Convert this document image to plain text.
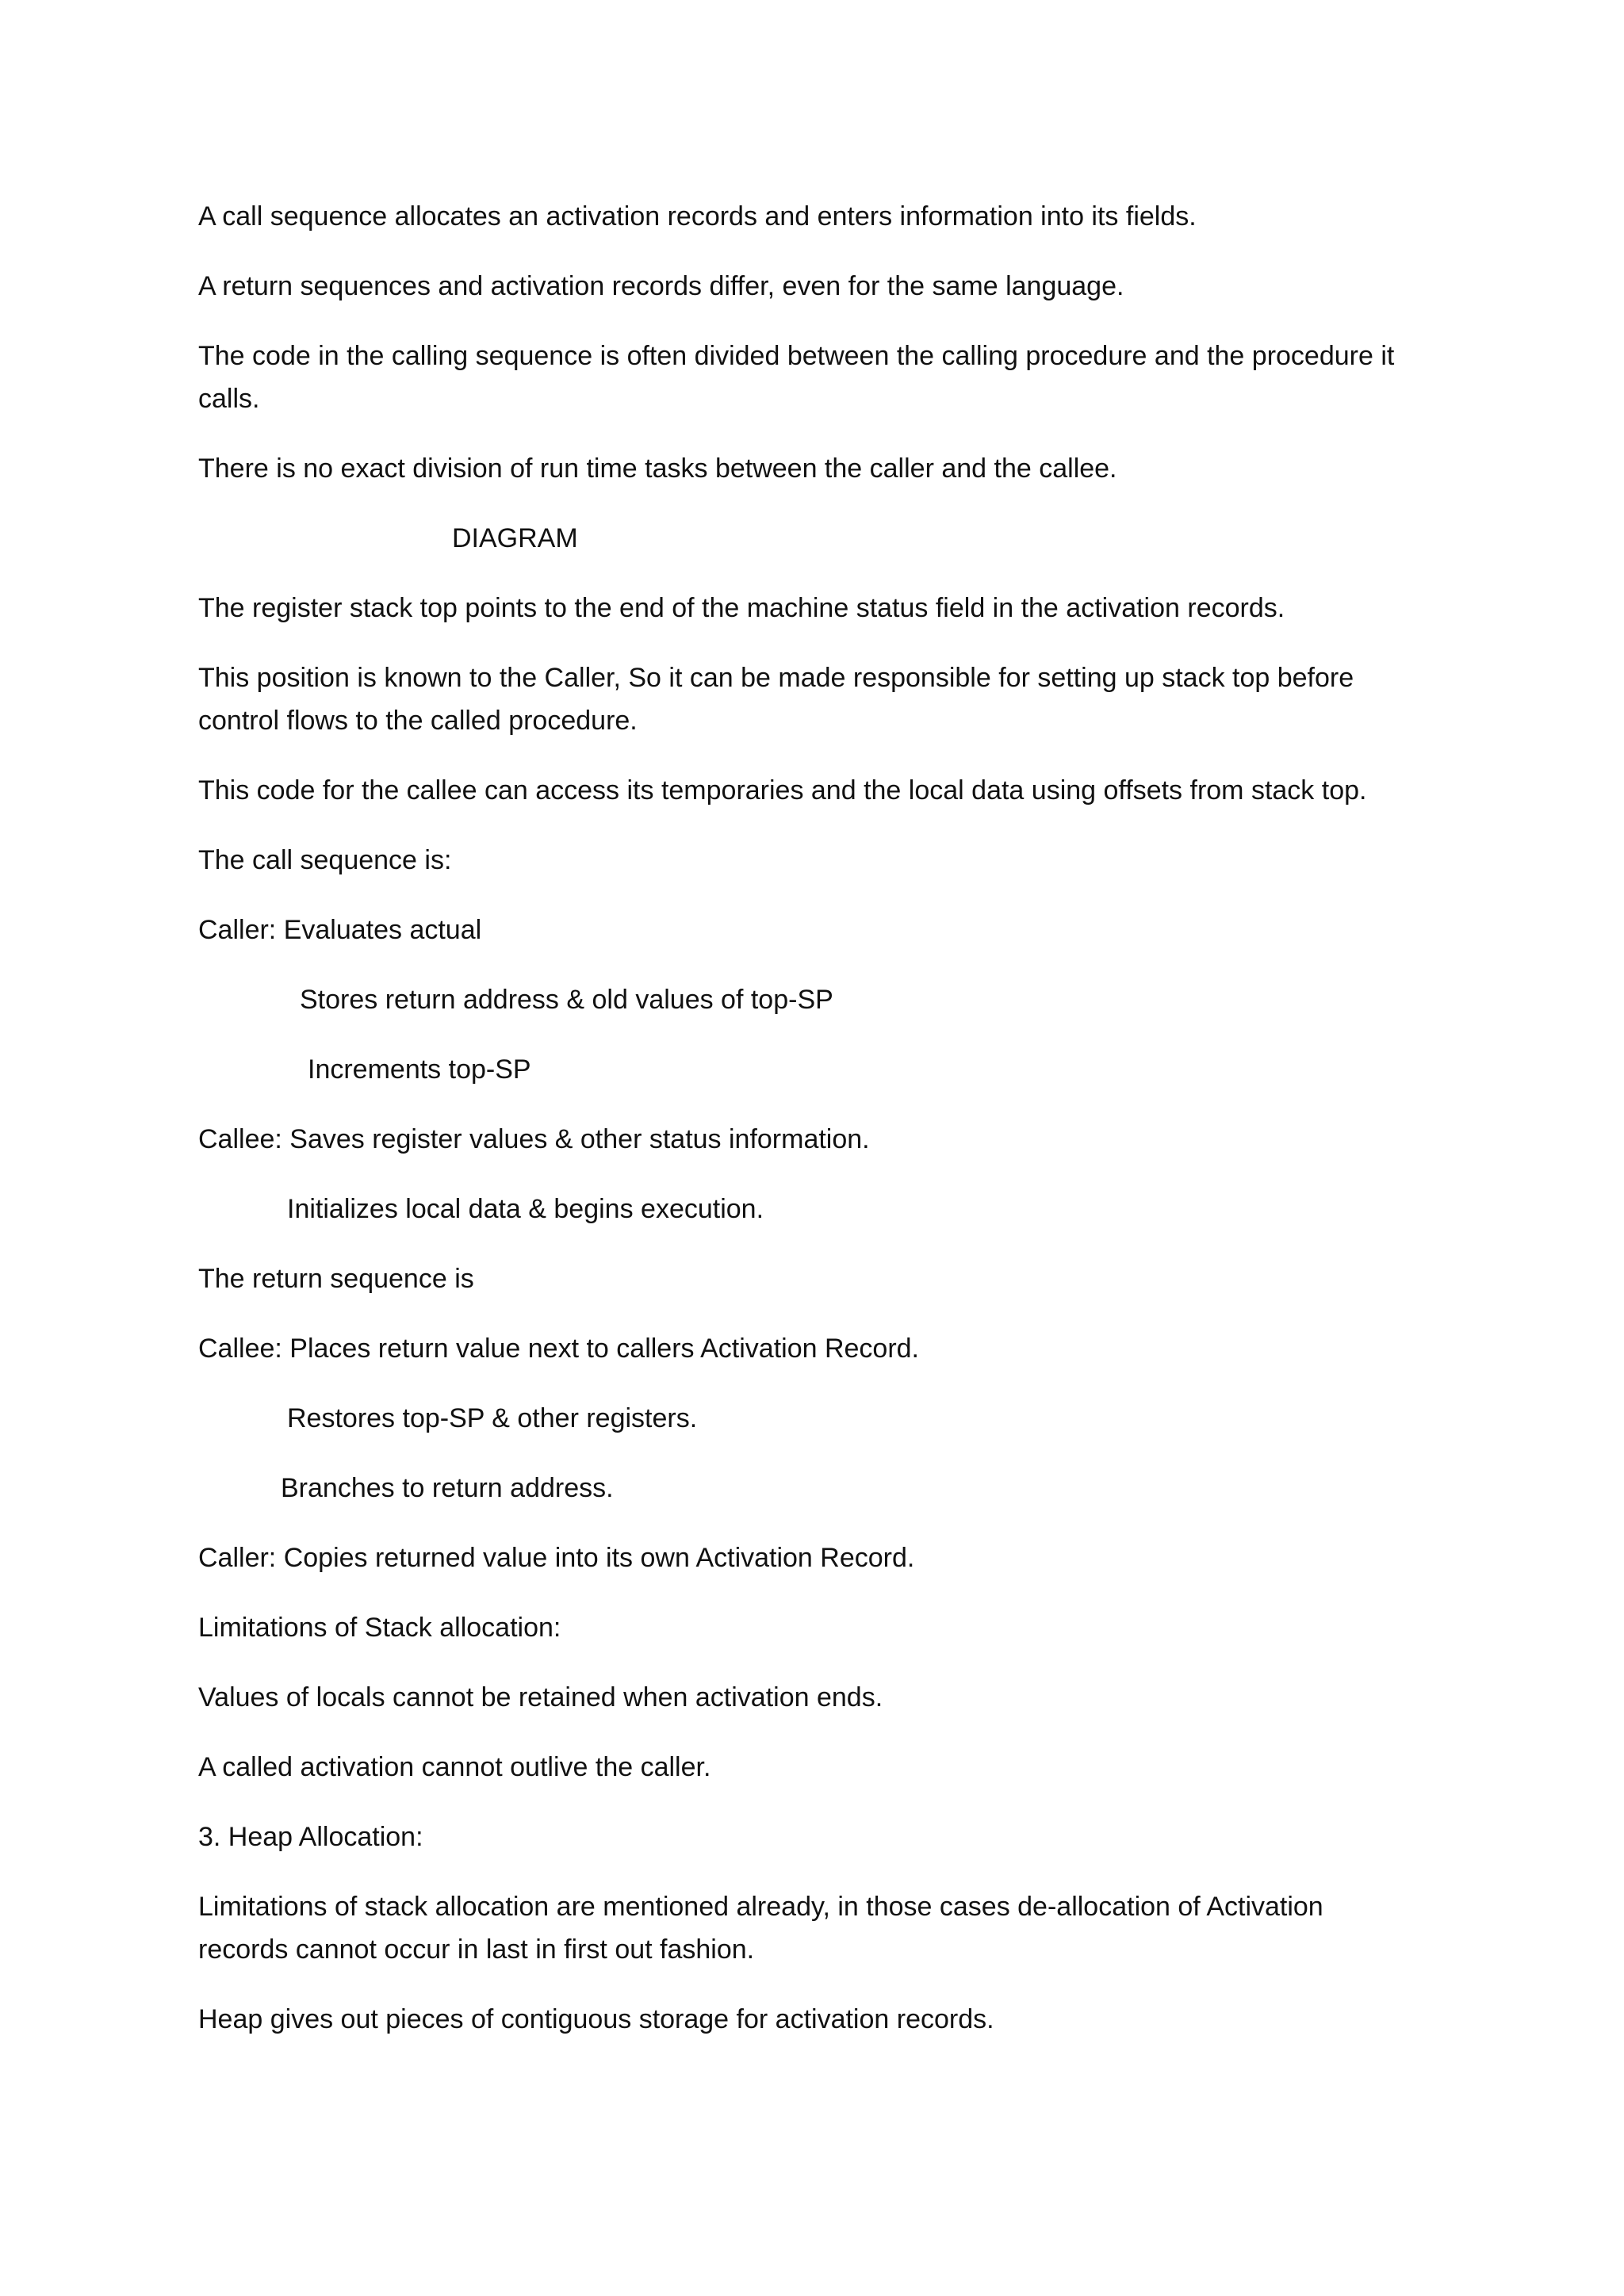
A call sequence allocates an activation records and enters information into its fields.

A return sequences and activation records differ, even for the same language.

The code in the calling sequence is often divided between the calling procedure and the procedure it

calls.

There is no exact division of run time tasks between the caller and the callee.

DIAGRAM

The register stack top points to the end of the machine status field in the activation records.

This position is known to the Caller, So it can be made responsible for setting up stack top before

control flows to the called procedure.

This code for the callee can access its temporaries and the local data using offsets from stack top.

The call sequence is:

Caller: Evaluates actual

Stores return address & old values of top-SP

Increments top-SP

Callee: Saves register values & other status information.

Initializes local data & begins execution.

The return sequence is

Callee: Places return value next to callers Activation Record.

Restores top-SP & other registers.

Branches to return address.

Caller: Copies returned value into its own Activation Record.

Limitations of Stack allocation:

Values of locals cannot be retained when activation ends.

A called activation cannot outlive the caller.

3. Heap Allocation:

Limitations of stack allocation are mentioned already, in those cases de-allocation of Activation

records cannot occur in last in first out fashion.

Heap gives out pieces of contiguous storage for activation records.
